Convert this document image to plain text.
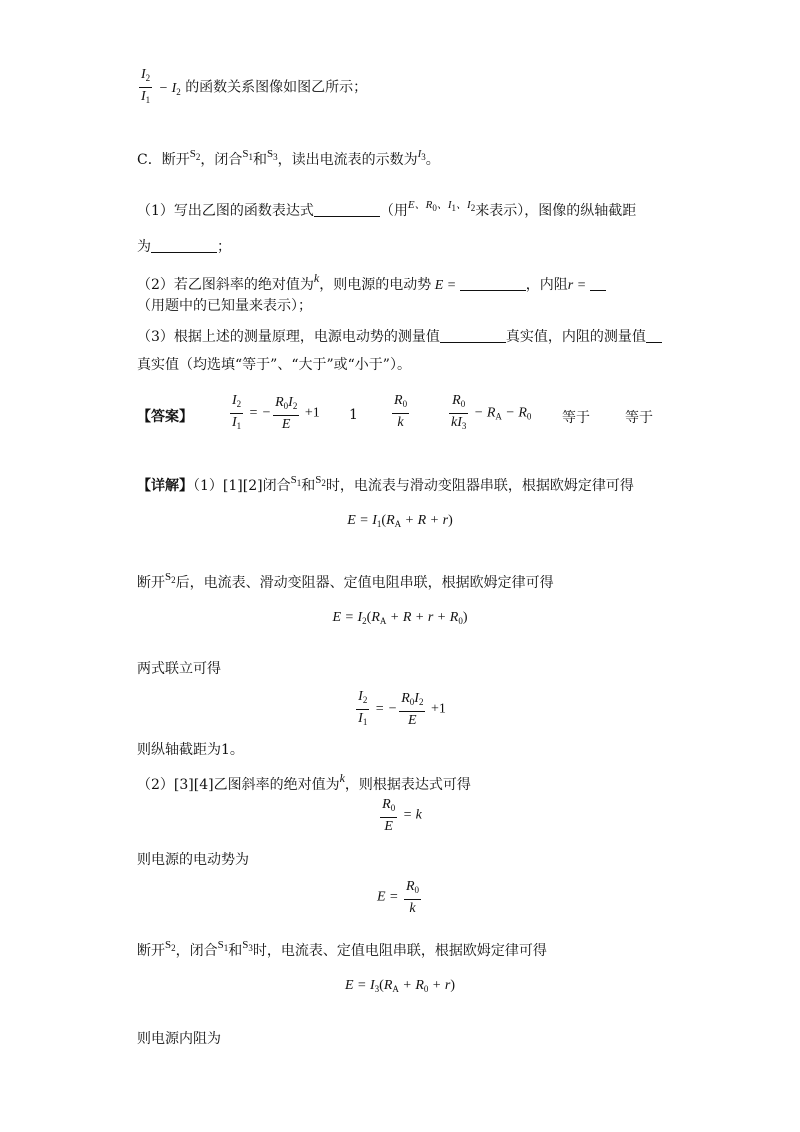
$\frac{I_2}{I_1} - I_2$ 的函数关系图像如图乙所示；
C．断开$^{S_2}$，闭合$^{S_1}$和$^{S_3}$，读出电流表的示数为$^{I_3}$。
（1）写出乙图的函数表达式	（用$^{E、R_0、I_1、I_2}$来表示），图像的纵轴截距
为	；
（2）若乙图斜率的绝对值为$^k$，则电源的电动势 E =	，内阻r =
（用题中的已知量来表示）；
（3）根据上述的测量原理，电源电动势的测量值	真实值，内阻的测量值
真实值（均选填“等于”、“大于”或“小于”）。
【答案】	$\frac{I_2}{I_1}$ = − $\frac{R_0I_2}{E} +1$ $1 \frac{R_0}{k}$	$\frac{R_0}{kI_3} - R_A - R_0$ 等于	等于
【详解】（1）[1][2]闭合$^{S_1}$和$^{S_2}$时，电流表与滑动变阻器串联，根据欧姆定律可得
$E = I_1(R_A + R + r)$
断开$^{S_2}$后，电流表、滑动变阻器、定值电阻串联，根据欧姆定律可得
$E = I_2(R_A + R + r + R_0)$
两式联立可得
$\frac{I_2}{I_1}$ = − $\frac{R_0I_2}{E} +1$
则纵轴截距为1。
（2）[3][4]乙图斜率的绝对值为$^k$，则根据表达式可得
$\frac{R_0}{E} = k$
则电源的电动势为
$E = \frac{R_0}{k}$
断开$^{S_2}$，闭合$^{S_1}$和$^{S_3}$时，电流表、定值电阻串联，根据欧姆定律可得
$E = I_3(R_A + R_0 + r)$
则电源内阻为
